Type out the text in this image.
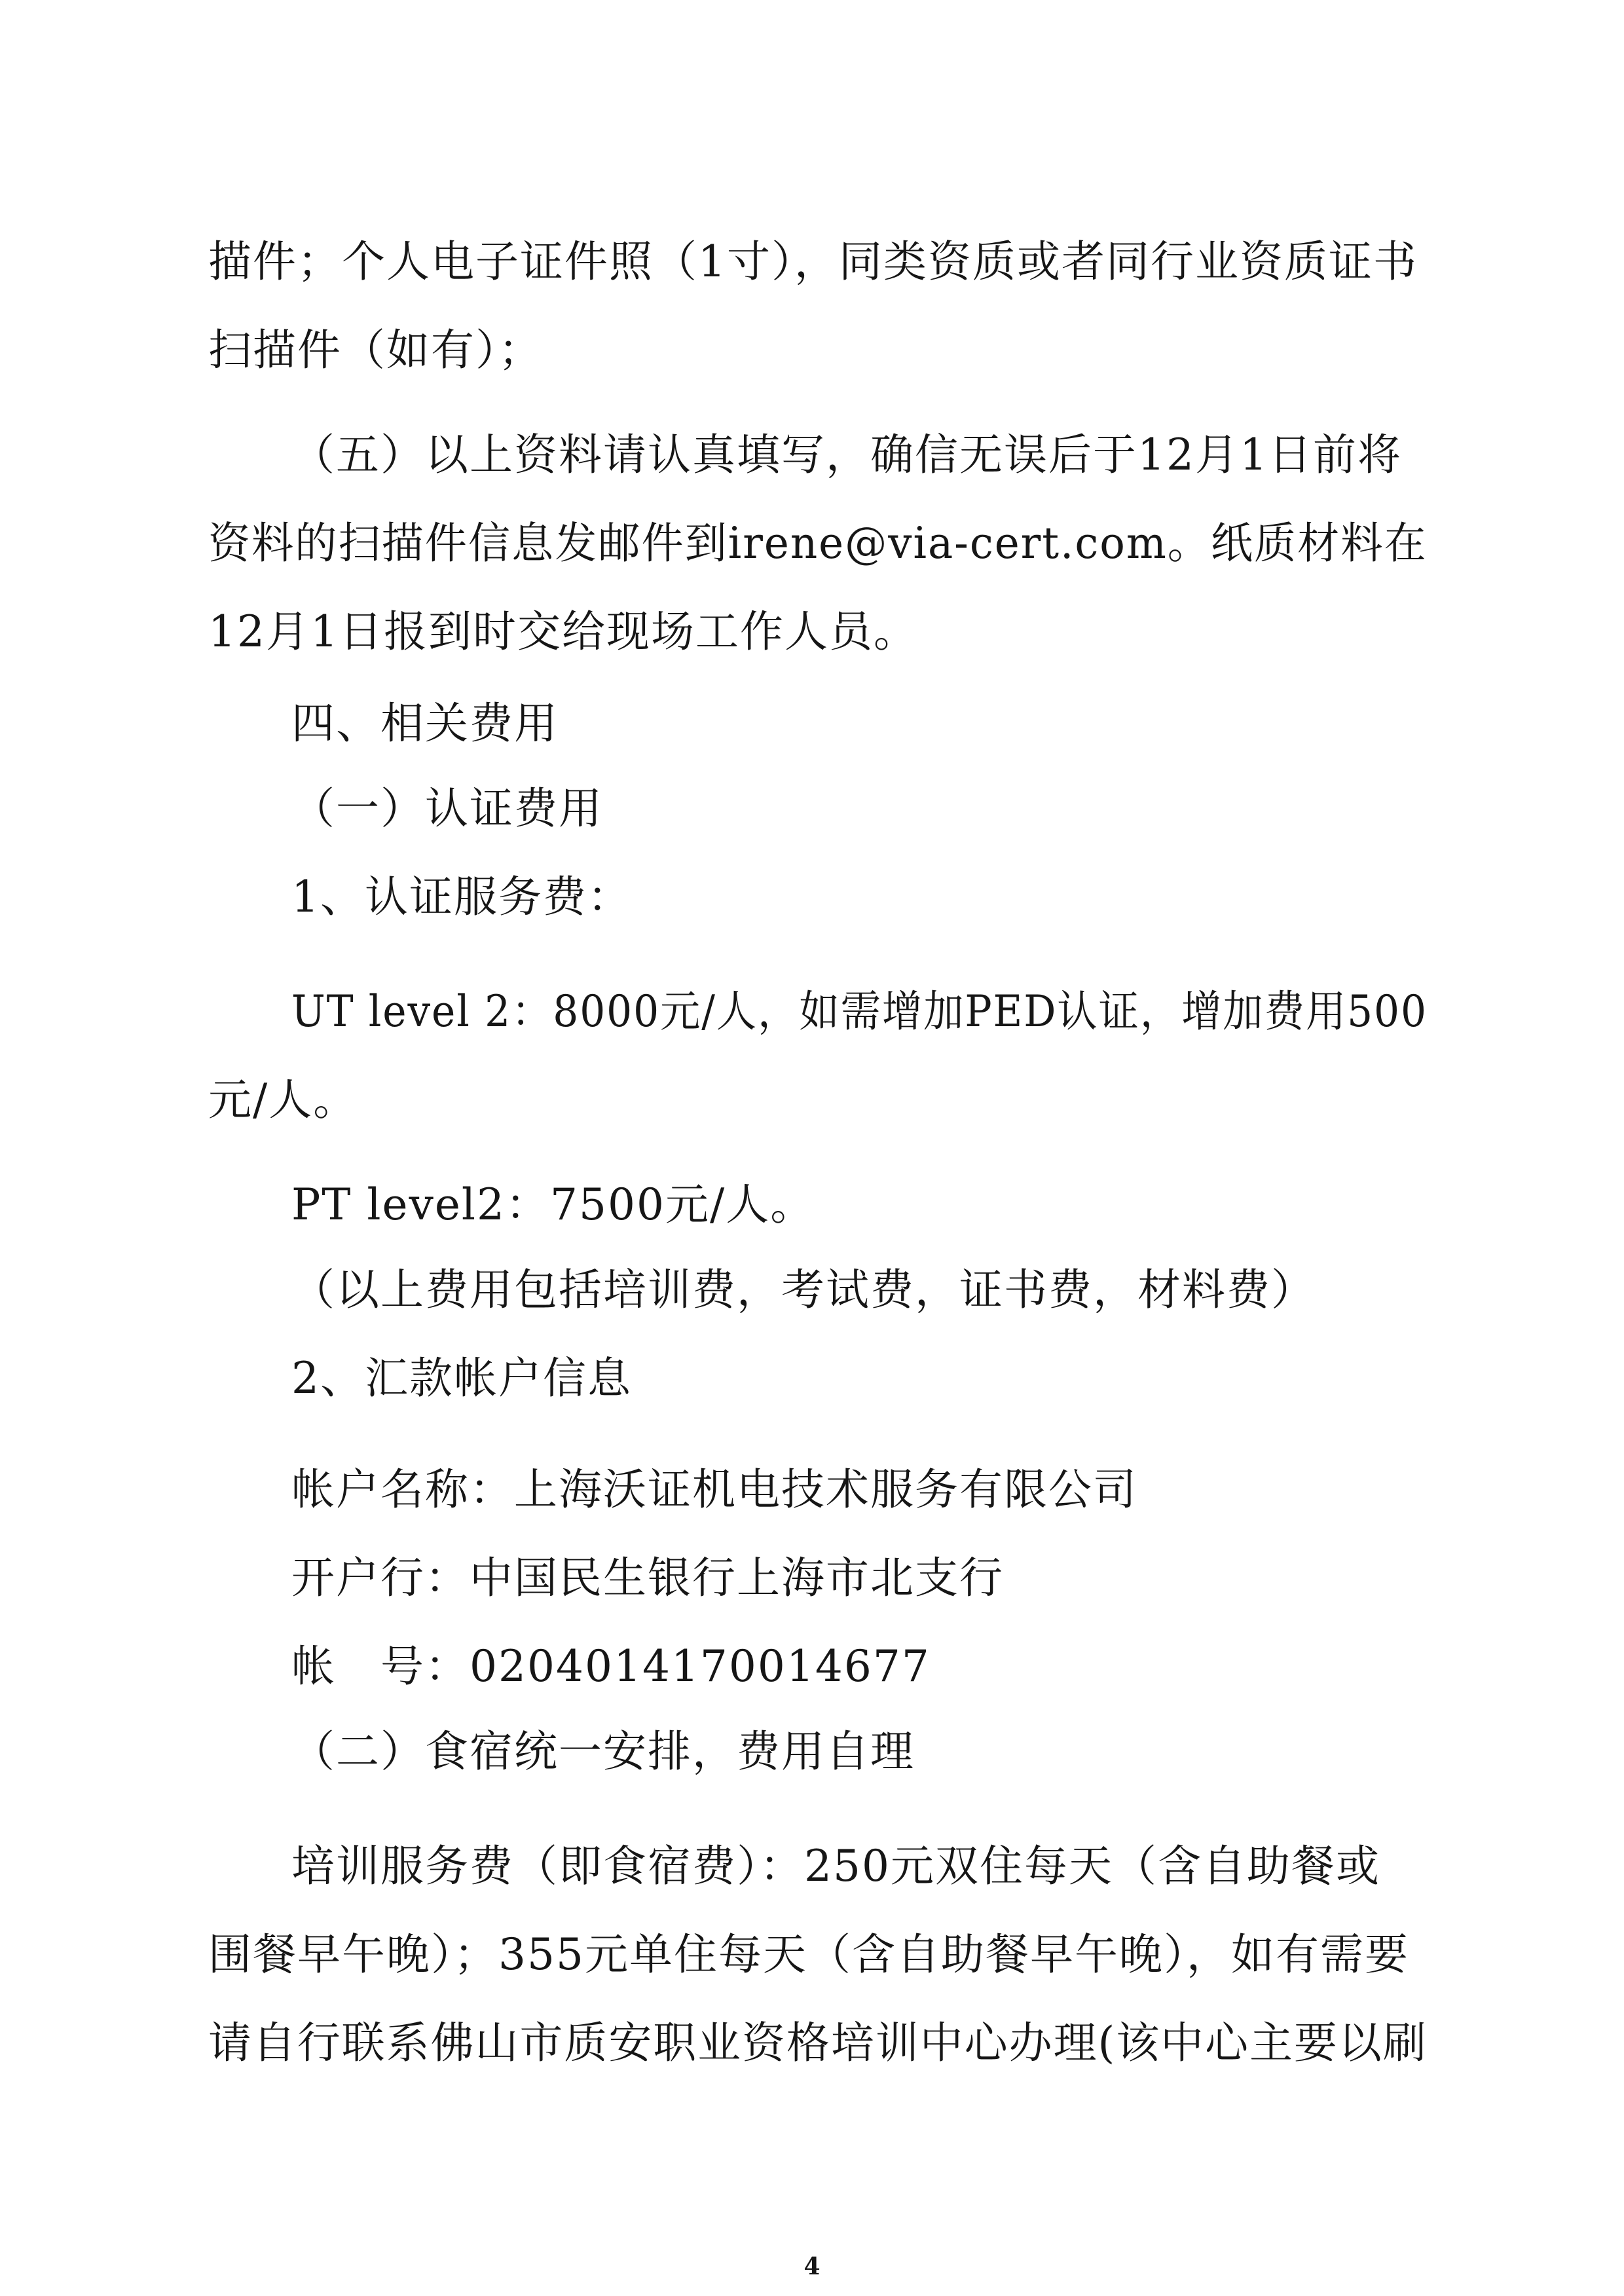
描件；个人电子证件照（1寸），同类资质或者同行业资质证书
扫描件（如有）；
（五）以上资料请认真填写，确信无误后于12月1日前将
资料的扫描件信息发邮件到irene@via-cert.com。纸质材料在
12月1日报到时交给现场工作人员。
四、相关费用
（一）认证费用
1、认证服务费：
UT level 2：8000元/人，如需增加PED认证，增加费用500
元/人。
PT level2：7500元/人。
（以上费用包括培训费，考试费，证书费，材料费）
2、汇款帐户信息
帐户名称：上海沃证机电技术服务有限公司
开户行：中国民生银行上海市北支行
帐　号：0204014170014677
（二）食宿统一安排，费用自理
培训服务费（即食宿费）：250元双住每天（含自助餐或
围餐早午晚）；355元单住每天（含自助餐早午晚），如有需要
请自行联系佛山市质安职业资格培训中心办理(该中心主要以刷
4
